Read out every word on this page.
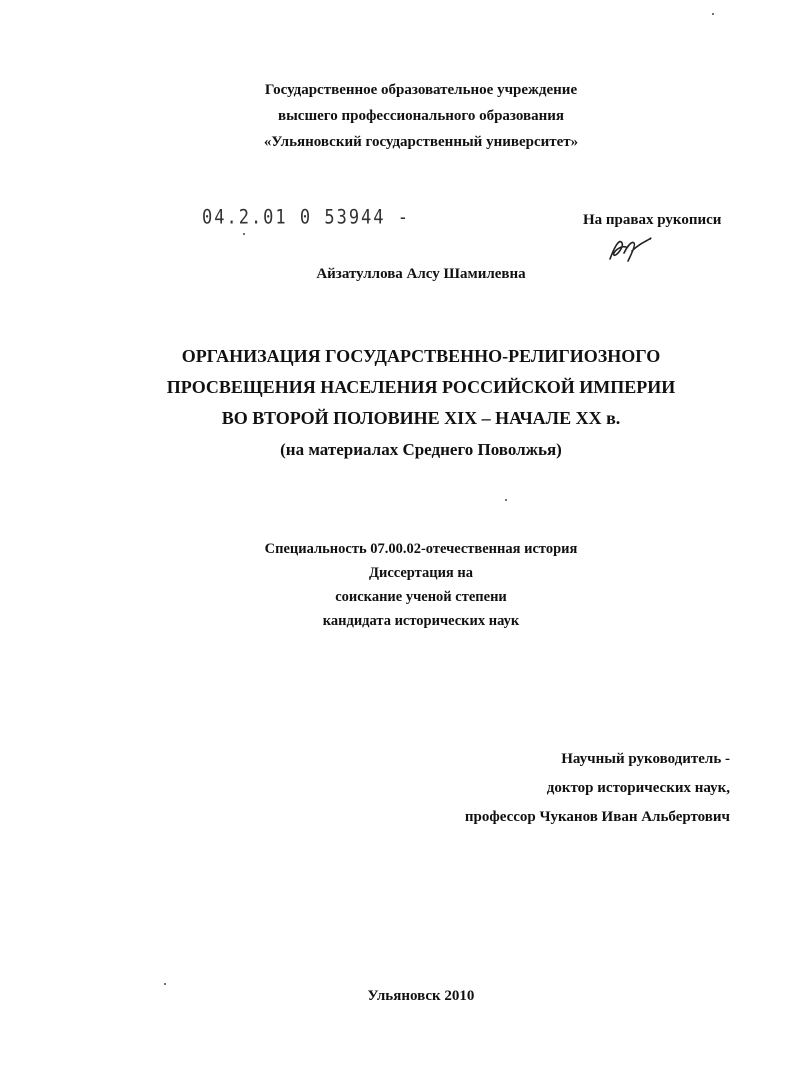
Государственное образовательное учреждение
высшего профессионального образования
«Ульяновский государственный университет»
04.2.01 0 53944 -	На правах рукописи
Айзатуллова Алсу Шамилевна
ОРГАНИЗАЦИЯ ГОСУДАРСТВЕННО-РЕЛИГИОЗНОГО
ПРОСВЕЩЕНИЯ НАСЕЛЕНИЯ РОССИЙСКОЙ ИМПЕРИИ
ВО ВТОРОЙ ПОЛОВИНЕ XIX – НАЧАЛЕ XX в.
(на материалах Среднего Поволжья)
Специальность 07.00.02-отечественная история
Диссертация на
соискание ученой степени
кандидата исторических наук
Научный руководитель -
доктор исторических наук,
профессор Чуканов Иван Альбертович
Ульяновск 2010
